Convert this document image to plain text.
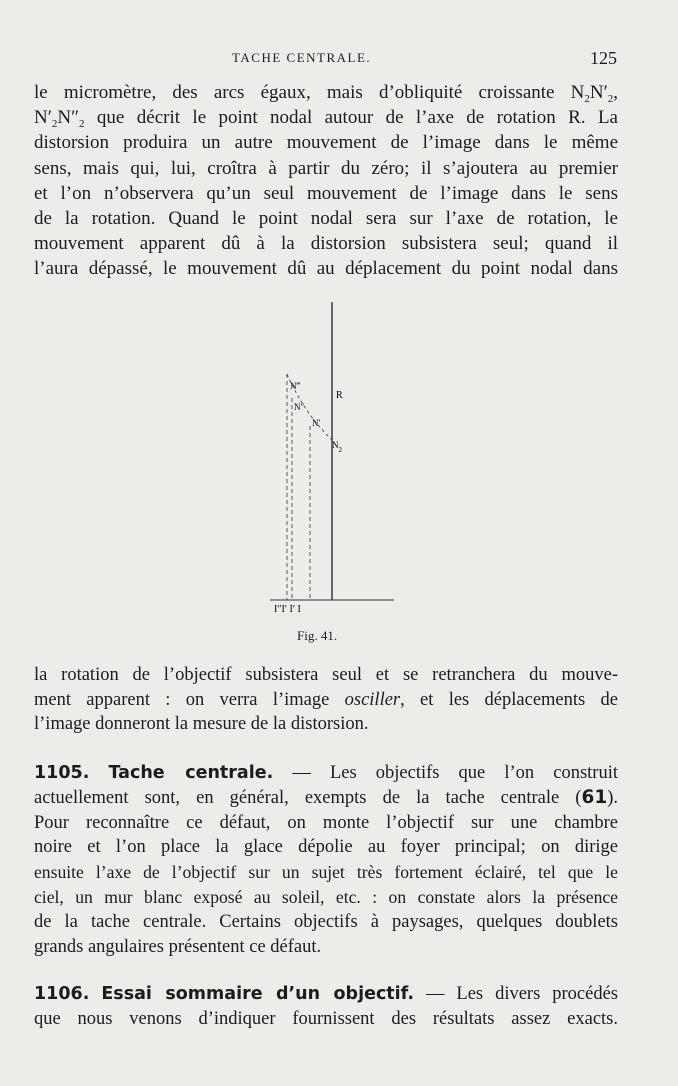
TACHE CENTRALE.	125
le micromètre, des arcs égaux, mais d’obliquité croissante $N_2N'_2$,
$N'_2N''_2$ que décrit le point nodal autour de l’axe de rotation R. La
distorsion produira un autre mouvement de l’image dans le même
sens, mais qui, lui, croîtra à partir du zéro; il s’ajoutera au premier
et l’on n’observera qu’un seul mouvement de l’image dans le sens
de la rotation. Quand le point nodal sera sur l’axe de rotation, le
mouvement apparent dû à la distorsion subsistera seul; quand il
l’aura dépassé, le mouvement dû au déplacement du point nodal dans
R
N‴
N″
N′
$N_2$
I″I′ I′ I
Fig. 41.
la rotation de l’objectif subsistera seul et se retranchera du mouve-
ment apparent : on verra l’image osciller, et les déplacements de
l’image donneront la mesure de la distorsion.
1105. Tache centrale. — Les objectifs que l’on construit
actuellement sont, en général, exempts de la tache centrale (61).
Pour reconnaître ce défaut, on monte l’objectif sur une chambre
noire et l’on place la glace dépolie au foyer principal; on dirige
ensuite l’axe de l’objectif sur un sujet très fortement éclairé, tel que le
ciel, un mur blanc exposé au soleil, etc. : on constate alors la présence
de la tache centrale. Certains objectifs à paysages, quelques doublets
grands angulaires présentent ce défaut.
1106. Essai sommaire d’un objectif. — Les divers procédés
que nous venons d’indiquer fournissent des résultats assez exacts.
